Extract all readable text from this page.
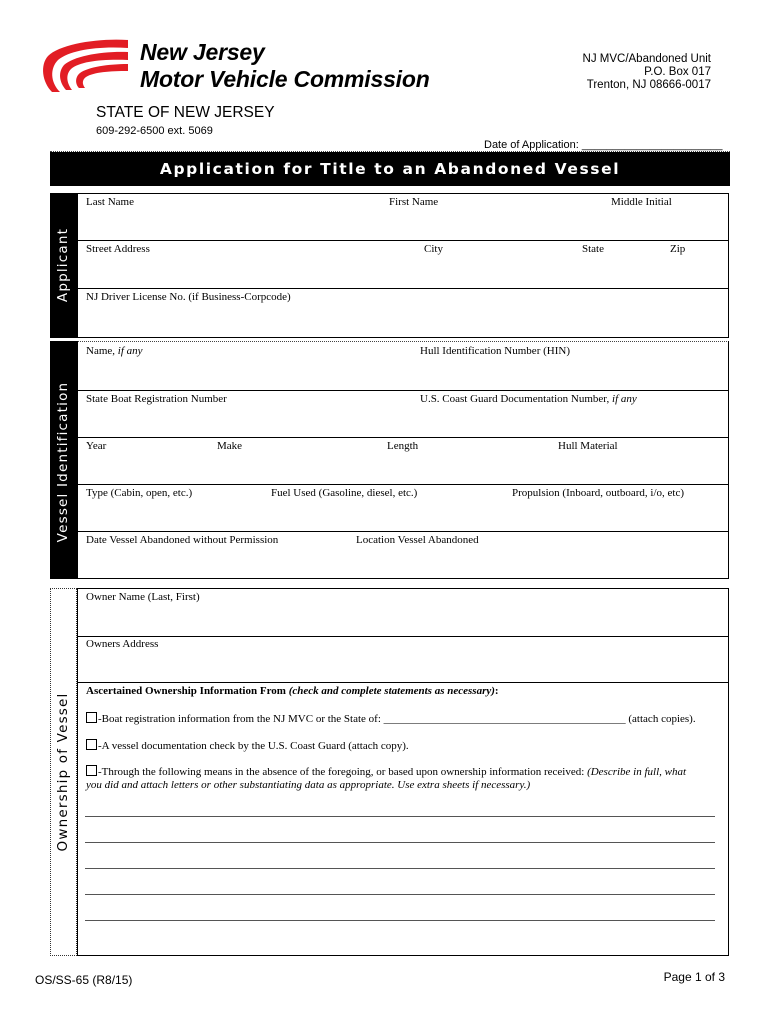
New Jersey
Motor Vehicle Commission
NJ MVC/Abandoned Unit
P.O. Box 017
Trenton, NJ 08666-0017
STATE OF NEW JERSEY
609-292-6500 ext. 5069
Date of Application: _______________________
Application for Title to an Abandoned Vessel
Applicant
Last Name	First Name	Middle Initial
Street Address	City	State	Zip
NJ Driver License No. (if Business-Corpcode)
Vessel Identification
Name, if any	Hull Identification Number (HIN)
State Boat Registration Number	U.S. Coast Guard Documentation Number, if any
Year	Make	Length	Hull Material
Type (Cabin, open, etc.)	Fuel Used (Gasoline, diesel, etc.)	Propulsion (Inboard, outboard, i/o, etc)
Date Vessel Abandoned without Permission	Location Vessel Abandoned
Ownership of Vessel
Owner Name (Last, First)
Owners Address
Ascertained Ownership Information From (check and complete statements as necessary):
-Boat registration information from the NJ MVC or the State of: ____________________________________________ (attach copies).
-A vessel documentation check by the U.S. Coast Guard (attach copy).
-Through the following means in the absence of the foregoing, or based upon ownership information received: (Describe in full, what
you did and attach letters or other substantiating data as appropriate. Use extra sheets if necessary.)
OS/SS-65 (R8/15)	Page 1 of 3
